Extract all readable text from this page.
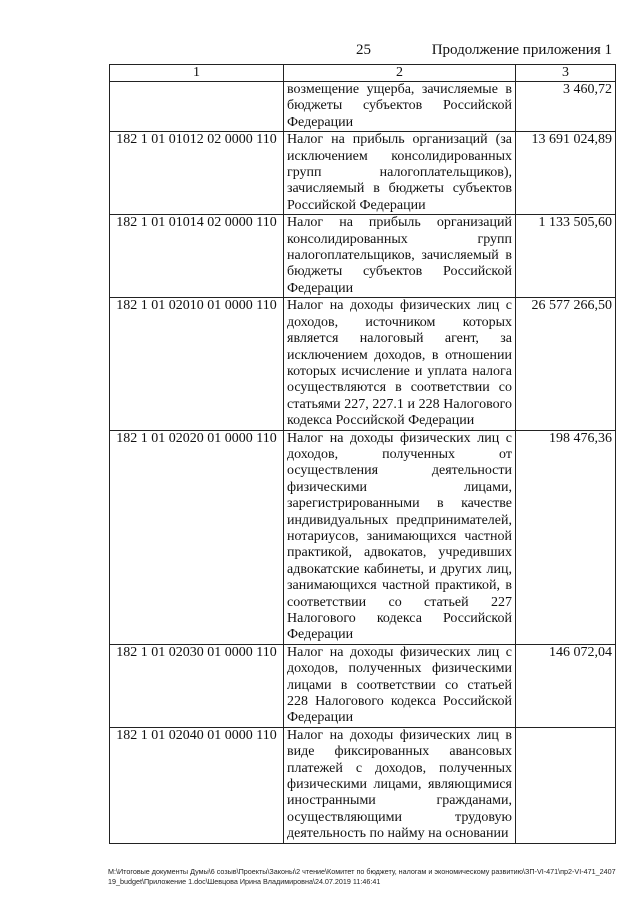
25	Продолжение приложения 1
1	2	3
	возмещение ущерба, зачисляемые в бюджеты субъектов Российской Федерации	3 460,72
182 1 01 01012 02 0000 110	Налог на прибыль организаций (за исключением консолидированных групп налогоплательщиков), зачисляемый в бюджеты субъектов Российской Федерации	13 691 024,89
182 1 01 01014 02 0000 110	Налог на прибыль организаций консолидированных групп налогоплательщиков, зачисляемый в бюджеты субъектов Российской Федерации	1 133 505,60
182 1 01 02010 01 0000 110	Налог на доходы физических лиц с доходов, источником которых является налоговый агент, за исключением доходов, в отношении которых исчисление и уплата налога осуществляются в соответствии со статьями 227, 227.1 и 228 Налогового кодекса Российской Федерации	26 577 266,50
182 1 01 02020 01 0000 110	Налог на доходы физических лиц с доходов, полученных от осуществления деятельности физическими лицами, зарегистрированными в качестве индивидуальных предпринимателей, нотариусов, занимающихся частной практикой, адвокатов, учредивших адвокатские кабинеты, и других лиц, занимающихся частной практикой, в соответствии со статьей 227 Налогового кодекса Российской Федерации	198 476,36
182 1 01 02030 01 0000 110	Налог на доходы физических лиц с доходов, полученных физическими лицами в соответствии со статьей 228 Налогового кодекса Российской Федерации	146 072,04
182 1 01 02040 01 0000 110	Налог на доходы физических лиц в виде фиксированных авансовых платежей с доходов, полученных физическими лицами, являющимися иностранными гражданами, осуществляющими трудовую деятельность по найму на основании	
M:\Итоговые документы Думы\6 созыв\Проекты\Законы\2 чтение\Комитет по бюджету, налогам и экономическому развитию\ЗП-VI-471\пр2-VI-471_240719_budget\Приложение 1.doc\Шевцова Ирина Владимировна\24.07.2019 11:46:41
